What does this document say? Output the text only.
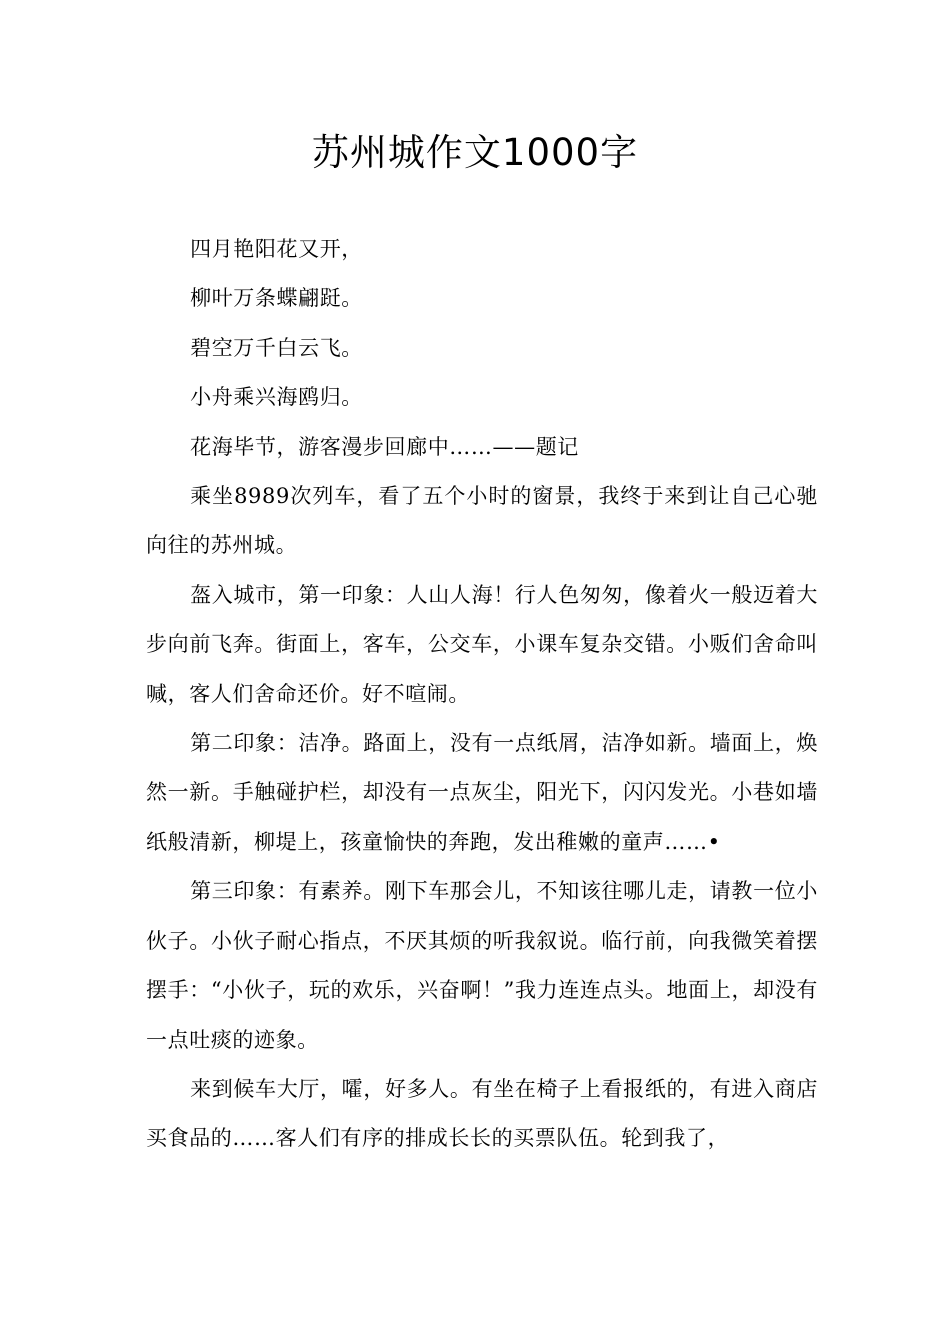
苏州城作文1000字

四月艳阳花又开，

柳叶万条蝶翩跹。

碧空万千白云飞。

小舟乘兴海鸥归。

花海毕节，游客漫步回廊中……——题记

乘坐8989次列车，看了五个小时的窗景，我终于来到让自己心驰向往的苏州城。

盔入城市，第一印象：人山人海！行人色匆匆，像着火一般迈着大步向前飞奔。街面上，客车，公交车，小课车复杂交错。小贩们舍命叫喊，客人们舍命还价。好不喧闹。

第二印象：洁净。路面上，没有一点纸屑，洁净如新。墙面上，焕然一新。手触碰护栏，却没有一点灰尘，阳光下，闪闪发光。小巷如墙纸般清新，柳堤上，孩童愉快的奔跑，发出稚嫩的童声……•

第三印象：有素养。刚下车那会儿，不知该往哪儿走，请教一位小伙子。小伙子耐心指点，不厌其烦的听我叙说。临行前，向我微笑着摆摆手：“小伙子，玩的欢乐，兴奋啊！”我力连连点头。地面上，却没有一点吐痰的迹象。

来到候车大厅，嚯，好多人。有坐在椅子上看报纸的，有进入商店买食品的……客人们有序的排成长长的买票队伍。轮到我了，
